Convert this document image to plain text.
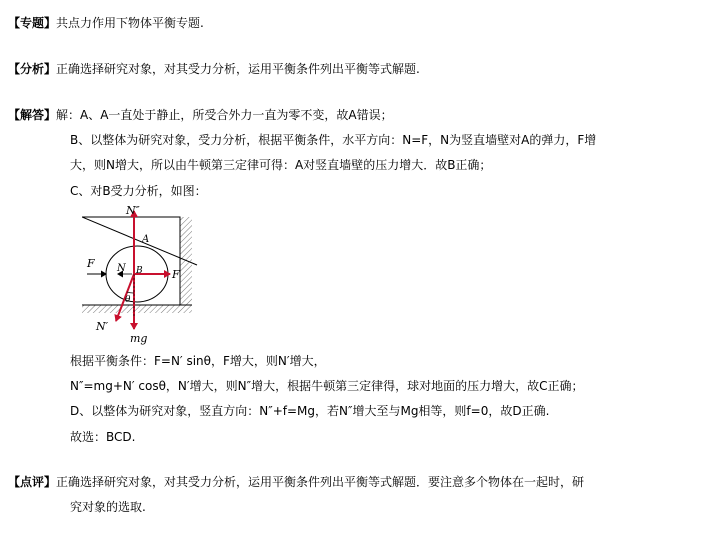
【专题】共点力作用下物体平衡专题.
【分析】正确选择研究对象，对其受力分析，运用平衡条件列出平衡等式解题.
【解答】解：A、A一直处于静止，所受合外力一直为零不变，故A错误；
B、以整体为研究对象，受力分析，根据平衡条件，水平方向：N=F，N为竖直墙壁对A的弹力，F增
大，则N增大，所以由牛顿第三定律可得：A对竖直墙壁的压力增大．故B正确；
C、对B受力分析，如图：
N″
A
F N B	F
θ
N′
mg
根据平衡条件：F=N′ sinθ，F增大，则N′增大，
N″=mg+N′ cosθ，N′增大，则N″增大，根据牛顿第三定律得，球对地面的压力增大，故C正确；
D、以整体为研究对象，竖直方向：N″+f=Mg，若N″增大至与Mg相等，则f=0，故D正确.
故选：BCD.
【点评】正确选择研究对象，对其受力分析，运用平衡条件列出平衡等式解题．要注意多个物体在一起时，研
究对象的选取.
